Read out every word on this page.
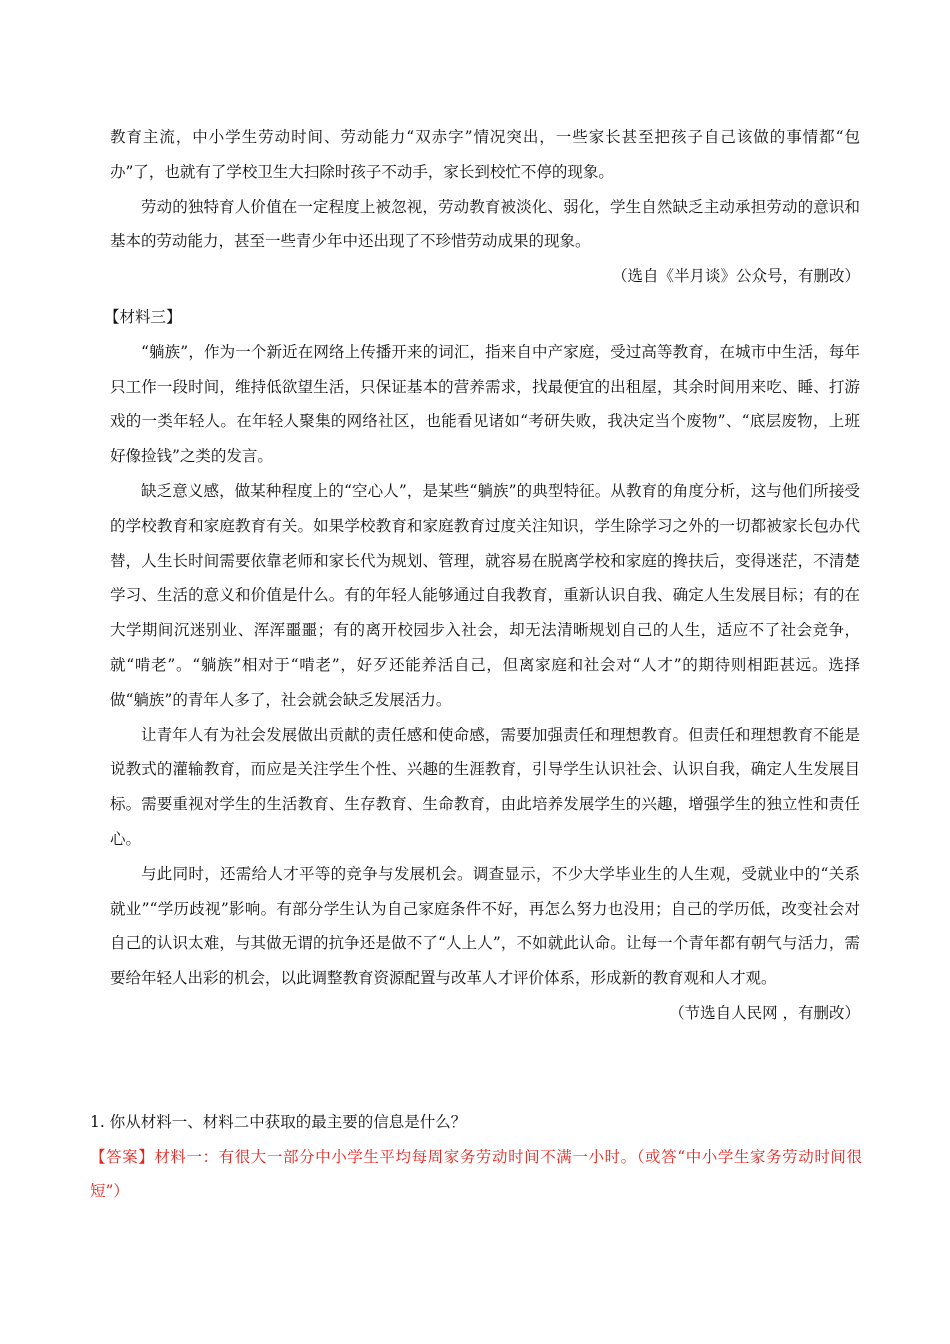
教育主流，中小学生劳动时间、劳动能力“双赤字”情况突出，一些家长甚至把孩子自己该做的事情都“包办”了，也就有了学校卫生大扫除时孩子不动手，家长到校忙不停的现象。

劳动的独特育人价值在一定程度上被忽视，劳动教育被淡化、弱化，学生自然缺乏主动承担劳动的意识和基本的劳动能力，甚至一些青少年中还出现了不珍惜劳动成果的现象。

（选自《半月谈》公众号，有删改）

【材料三】

“躺族”，作为一个新近在网络上传播开来的词汇，指来自中产家庭，受过高等教育，在城市中生活，每年只工作一段时间，维持低欲望生活，只保证基本的营养需求，找最便宜的出租屋，其余时间用来吃、睡、打游戏的一类年轻人。在年轻人聚集的网络社区，也能看见诸如“考研失败，我决定当个废物”、“底层废物，上班好像捡钱”之类的发言。

缺乏意义感，做某种程度上的“空心人”，是某些“躺族”的典型特征。从教育的角度分析，这与他们所接受的学校教育和家庭教育有关。如果学校教育和家庭教育过度关注知识，学生除学习之外的一切都被家长包办代替，人生长时间需要依靠老师和家长代为规划、管理，就容易在脱离学校和家庭的搀扶后，变得迷茫，不清楚学习、生活的意义和价值是什么。有的年轻人能够通过自我教育，重新认识自我、确定人生发展目标；有的在大学期间沉迷别业、浑浑噩噩；有的离开校园步入社会，却无法清晰规划自己的人生，适应不了社会竞争，就“啃老”。“躺族”相对于“啃老”，好歹还能养活自己，但离家庭和社会对“人才”的期待则相距甚远。选择做“躺族”的青年人多了，社会就会缺乏发展活力。

让青年人有为社会发展做出贡献的责任感和使命感，需要加强责任和理想教育。但责任和理想教育不能是说教式的灌输教育，而应是关注学生个性、兴趣的生涯教育，引导学生认识社会、认识自我，确定人生发展目标。需要重视对学生的生活教育、生存教育、生命教育，由此培养发展学生的兴趣，增强学生的独立性和责任心。

与此同时，还需给人才平等的竞争与发展机会。调查显示，不少大学毕业生的人生观，受就业中的“关系就业”“学历歧视”影响。有部分学生认为自己家庭条件不好，再怎么努力也没用；自己的学历低，改变社会对自己的认识太难，与其做无谓的抗争还是做不了“人上人”，不如就此认命。让每一个青年都有朝气与活力，需要给年轻人出彩的机会，以此调整教育资源配置与改革人才评价体系，形成新的教育观和人才观。

（节选自人民网 ，有删改）

1. 你从材料一、材料二中获取的最主要的信息是什么？

【答案】材料一：有很大一部分中小学生平均每周家务劳动时间不满一小时。（或答“中小学生家务劳动时间很短”）
